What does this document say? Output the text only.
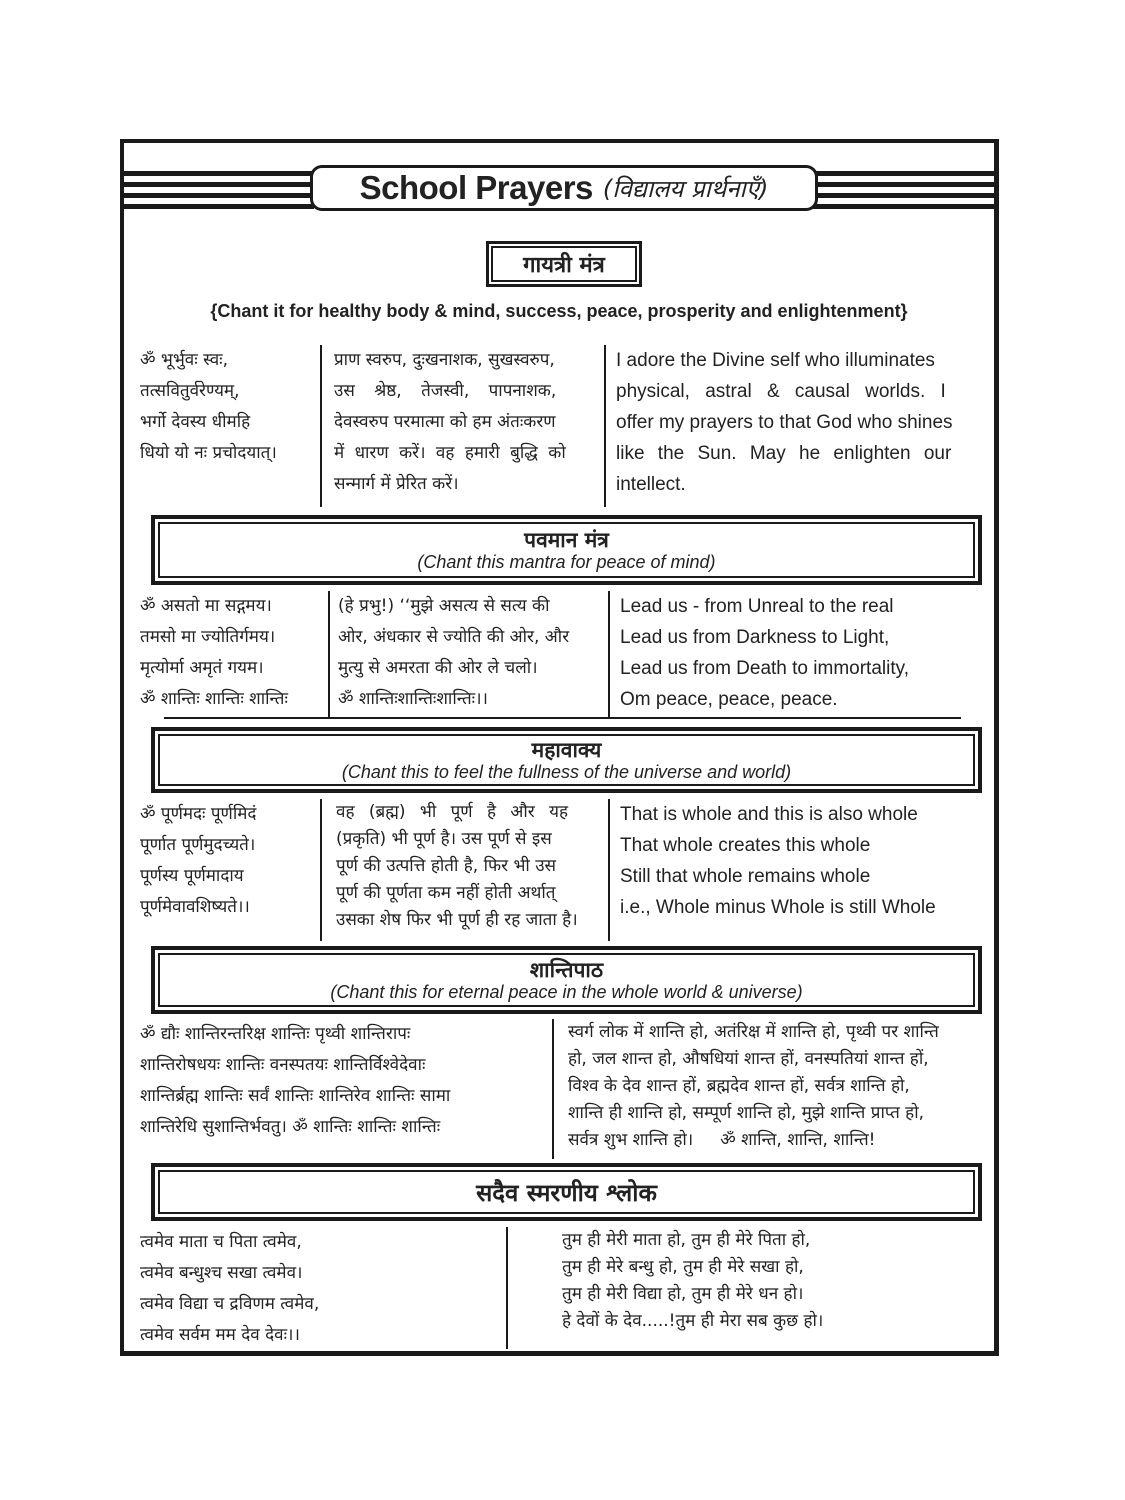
School Prayers (विद्यालय प्रार्थनाएँ)
गायत्री मंत्र
{Chant it for healthy body & mind, success, peace, prosperity and enlightenment}
ॐ भूर्भुवः स्वः,
तत्सवितुर्वरेण्यम्,
भर्गो देवस्य धीमहि
धियो यो नः प्रचोदयात्।
प्राण स्वरुप, दुःखनाशक, सुखस्वरुप,
उस श्रेष्ठ, तेजस्वी, पापनाशक,
देवस्वरुप परमात्मा को हम अंतःकरण
में धारण करें। वह हमारी बुद्धि को
सन्मार्ग में प्रेरित करें।
I adore the Divine self who illuminates
physical, astral & causal worlds. I
offer my prayers to that God who shines
like the Sun. May he enlighten our
intellect.
पवमान मंत्र
(Chant this mantra for peace of mind)
ॐ असतो मा सद्गमय।
तमसो मा ज्योतिर्गमय।
मृत्योर्मा अमृतं गयम।
ॐ शान्तिः शान्तिः शान्तिः
(हे प्रभु!) ‘‘मुझे असत्य से सत्य की
ओर, अंधकार से ज्योति की ओर, और
मुत्यु से अमरता की ओर ले चलो।
ॐ शान्तिःशान्तिःशान्तिः।।
Lead us - from Unreal to the real
Lead us from Darkness to Light,
Lead us from Death to immortality,
Om peace, peace, peace.
महावाक्य
(Chant this to feel the fullness of the universe and world)
ॐ पूर्णमदः पूर्णमिदं
पूर्णात पूर्णमुदच्यते।
पूर्णस्य पूर्णमादाय
पूर्णमेवावशिष्यते।।
वह (ब्रह्म) भी पूर्ण है और यह
(प्रकृति) भी पूर्ण है। उस पूर्ण से इस
पूर्ण की उत्पत्ति होती है, फिर भी उस
पूर्ण की पूर्णता कम नहीं होती अर्थात्
उसका शेष फिर भी पूर्ण ही रह जाता है।
That is whole and this is also whole
That whole creates this whole
Still that whole remains whole
i.e., Whole minus Whole is still Whole
शान्तिपाठ
(Chant this for eternal peace in the whole world & universe)
ॐ द्यौः शान्तिरन्तरिक्ष शान्तिः पृथ्वी शान्तिरापः
शान्तिरोषधयः शान्तिः वनस्पतयः शान्तिर्विश्वेदेवाः
शान्तिर्ब्रह्म शान्तिः सर्वं शान्तिः शान्तिरेव शान्तिः सामा
शान्तिरेधि सुशान्तिर्भवतु। ॐ शान्तिः शान्तिः शान्तिः
स्वर्ग लोक में शान्ति हो, अतंरिक्ष में शान्ति हो, पृथ्वी पर शान्ति
हो, जल शान्त हो, औषधियां शान्त हों, वनस्पतियां शान्त हों,
विश्व के देव शान्त हों, ब्रह्मदेव शान्त हों, सर्वत्र शान्ति हो,
शान्ति ही शान्ति हो, सम्पूर्ण शान्ति हो, मुझे शान्ति प्राप्त हो,
सर्वत्र शुभ शान्ति हो।     ॐ शान्ति, शान्ति, शान्ति!
सदैव स्मरणीय श्लोक
त्वमेव माता च पिता त्वमेव,
त्वमेव बन्धुश्च सखा त्वमेव।
त्वमेव विद्या च द्रविणम त्वमेव,
त्वमेव सर्वम मम देव देवः।।
तुम ही मेरी माता हो, तुम ही मेरे पिता हो,
तुम ही मेरे बन्धु हो, तुम ही मेरे सखा हो,
तुम ही मेरी विद्या हो, तुम ही मेरे धन हो।
हे देवों के देव.....!तुम ही मेरा सब कुछ हो।
